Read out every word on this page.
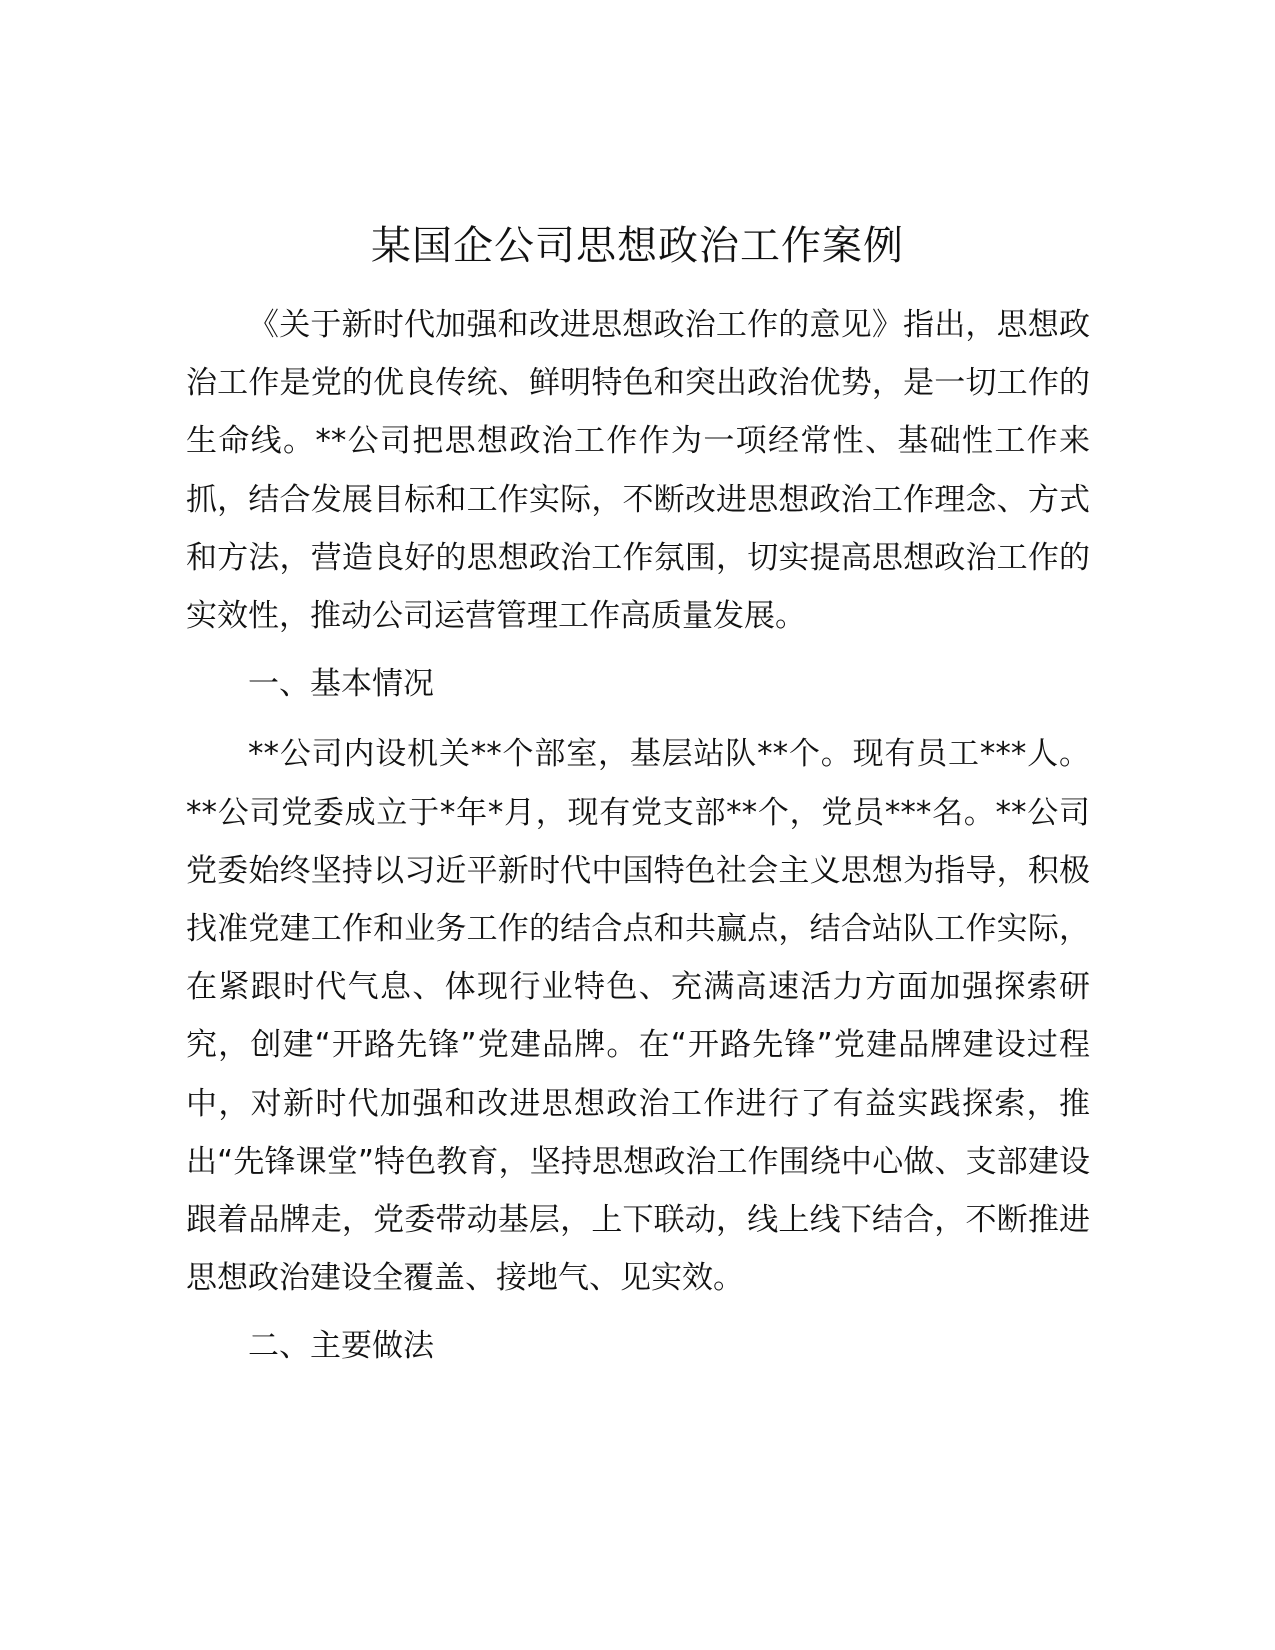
某国企公司思想政治工作案例

《关于新时代加强和改进思想政治工作的意见》指出，思想政治工作是党的优良传统、鲜明特色和突出政治优势，是一切工作的生命线。**公司把思想政治工作作为一项经常性、基础性工作来抓，结合发展目标和工作实际，不断改进思想政治工作理念、方式和方法，营造良好的思想政治工作氛围，切实提高思想政治工作的实效性，推动公司运营管理工作高质量发展。

一、基本情况

**公司内设机关**个部室，基层站队**个。现有员工***人。**公司党委成立于*年*月，现有党支部**个，党员***名。**公司党委始终坚持以习近平新时代中国特色社会主义思想为指导，积极找准党建工作和业务工作的结合点和共赢点，结合站队工作实际，在紧跟时代气息、体现行业特色、充满高速活力方面加强探索研究，创建“开路先锋”党建品牌。在“开路先锋”党建品牌建设过程中，对新时代加强和改进思想政治工作进行了有益实践探索，推出“先锋课堂”特色教育，坚持思想政治工作围绕中心做、支部建设跟着品牌走，党委带动基层，上下联动，线上线下结合，不断推进思想政治建设全覆盖、接地气、见实效。

二、主要做法
